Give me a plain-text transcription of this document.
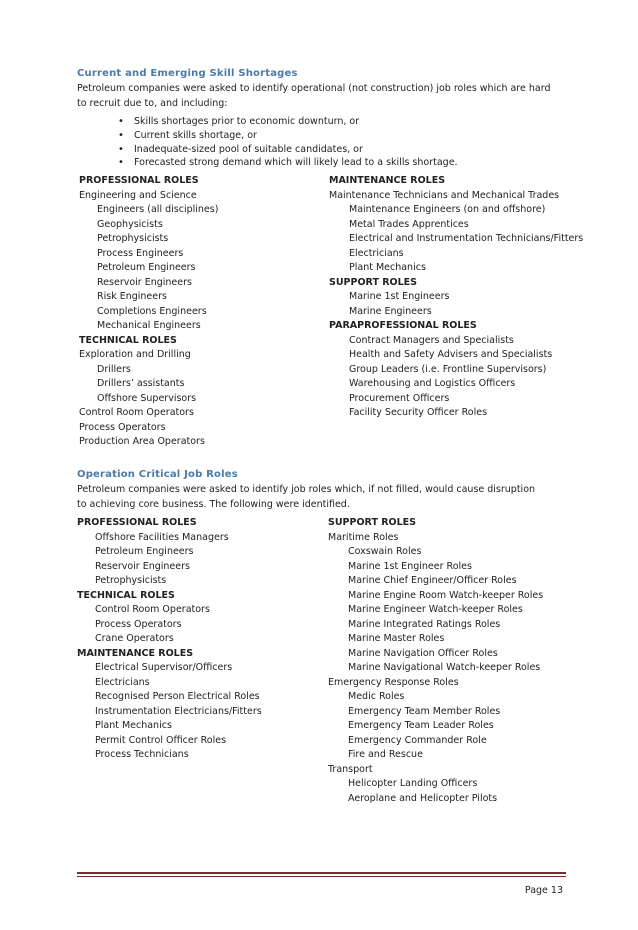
Current and Emerging Skill Shortages
Petroleum companies were asked to identify operational (not construction) job roles which are hard
to recruit due to, and including:
• Skills shortages prior to economic downturn, or
• Current skills shortage, or
• Inadequate-sized pool of suitable candidates, or
• Forecasted strong demand which will likely lead to a skills shortage.
PROFESSIONAL ROLES
Engineering and Science
Engineers (all disciplines)
Geophysicists
Petrophysicists
Process Engineers
Petroleum Engineers
Reservoir Engineers
Risk Engineers
Completions Engineers
Mechanical Engineers
TECHNICAL ROLES
Exploration and Drilling
Drillers
Drillers’ assistants
Offshore Supervisors
Control Room Operators
Process Operators
Production Area Operators
MAINTENANCE ROLES
Maintenance Technicians and Mechanical Trades
Maintenance Engineers (on and offshore)
Metal Trades Apprentices
Electrical and Instrumentation Technicians/Fitters
Electricians
Plant Mechanics
SUPPORT ROLES
Marine 1st Engineers
Marine Engineers
PARAPROFESSIONAL ROLES
Contract Managers and Specialists
Health and Safety Advisers and Specialists
Group Leaders (i.e. Frontline Supervisors)
Warehousing and Logistics Officers
Procurement Officers
Facility Security Officer Roles
Operation Critical Job Roles
Petroleum companies were asked to identify job roles which, if not filled, would cause disruption
to achieving core business. The following were identified.
PROFESSIONAL ROLES
Offshore Facilities Managers
Petroleum Engineers
Reservoir Engineers
Petrophysicists
TECHNICAL ROLES
Control Room Operators
Process Operators
Crane Operators
MAINTENANCE ROLES
Electrical Supervisor/Officers
Electricians
Recognised Person Electrical Roles
Instrumentation Electricians/Fitters
Plant Mechanics
Permit Control Officer Roles
Process Technicians
SUPPORT ROLES
Maritime Roles
Coxswain Roles
Marine 1st Engineer Roles
Marine Chief Engineer/Officer Roles
Marine Engine Room Watch-keeper Roles
Marine Engineer Watch-keeper Roles
Marine Integrated Ratings Roles
Marine Master Roles
Marine Navigation Officer Roles
Marine Navigational Watch-keeper Roles
Emergency Response Roles
Medic Roles
Emergency Team Member Roles
Emergency Team Leader Roles
Emergency Commander Role
Fire and Rescue
Transport
Helicopter Landing Officers
Aeroplane and Helicopter Pilots
Page 13
